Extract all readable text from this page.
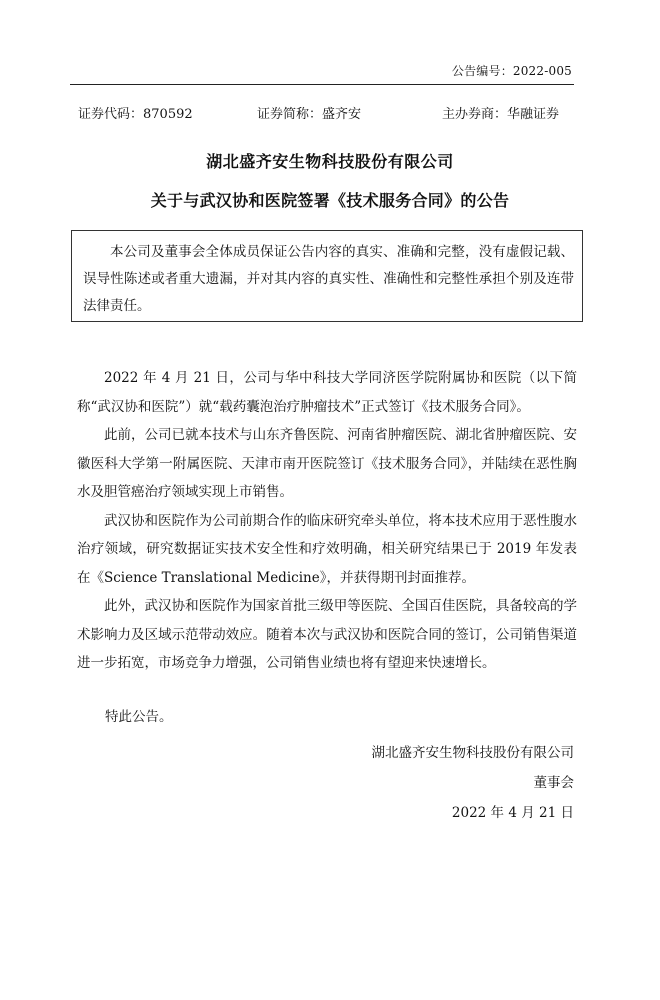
公告编号：2022-005
证券代码：870592	证券简称：盛齐安	主办券商：华融证券
湖北盛齐安生物科技股份有限公司
关于与武汉协和医院签署《技术服务合同》的公告

本公司及董事会全体成员保证公告内容的真实、准确和完整，没有虚假记载、误导性陈述或者重大遗漏，并对其内容的真实性、准确性和完整性承担个别及连带法律责任。

2022 年 4 月 21 日，公司与华中科技大学同济医学院附属协和医院（以下简称“武汉协和医院”）就“载药囊泡治疗肿瘤技术”正式签订《技术服务合同》。

此前，公司已就本技术与山东齐鲁医院、河南省肿瘤医院、湖北省肿瘤医院、安徽医科大学第一附属医院、天津市南开医院签订《技术服务合同》，并陆续在恶性胸水及胆管癌治疗领域实现上市销售。

武汉协和医院作为公司前期合作的临床研究牵头单位，将本技术应用于恶性腹水治疗领域，研究数据证实技术安全性和疗效明确，相关研究结果已于 2019 年发表在《Science Translational Medicine》，并获得期刊封面推荐。

此外，武汉协和医院作为国家首批三级甲等医院、全国百佳医院，具备较高的学术影响力及区域示范带动效应。随着本次与武汉协和医院合同的签订，公司销售渠道进一步拓宽，市场竞争力增强，公司销售业绩也将有望迎来快速增长。

特此公告。
湖北盛齐安生物科技股份有限公司
董事会
2022 年 4 月 21 日
